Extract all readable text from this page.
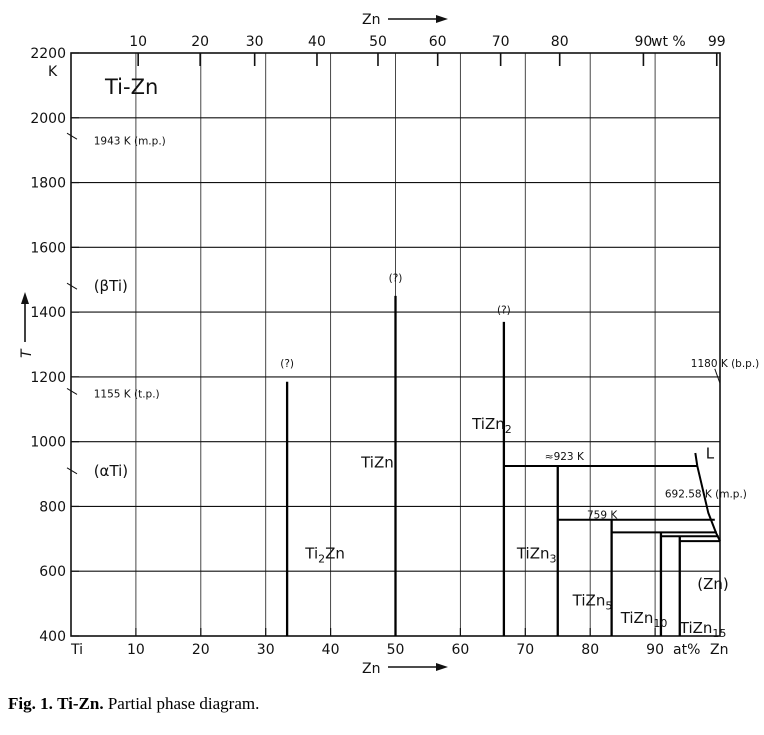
10	20	30	40	50	60	70	80	90	99
Zn
wt %
10	20	30	40	50	60	70	80	90
Ti	Zn
at%
Zn
400
600
800
1000
1200
1400
1600
1800
2000
2200
K
T
Ti-Zn
(βTi)
(αTi)
(Zn)
1943 K (m.p.)
1155 K (t.p.)
1180 K (b.p.)
≈923 K
759 K
692.58 K (m.p.)
L
(?)
(?)
(?)
$Ti_2Zn$
TiZn
TiZn$_2$
TiZn$_3$
TiZn$_5$
TiZn$_{10}$ TiZn$_{15}$
Fig. 1. Ti-Zn. Partial phase diagram.
